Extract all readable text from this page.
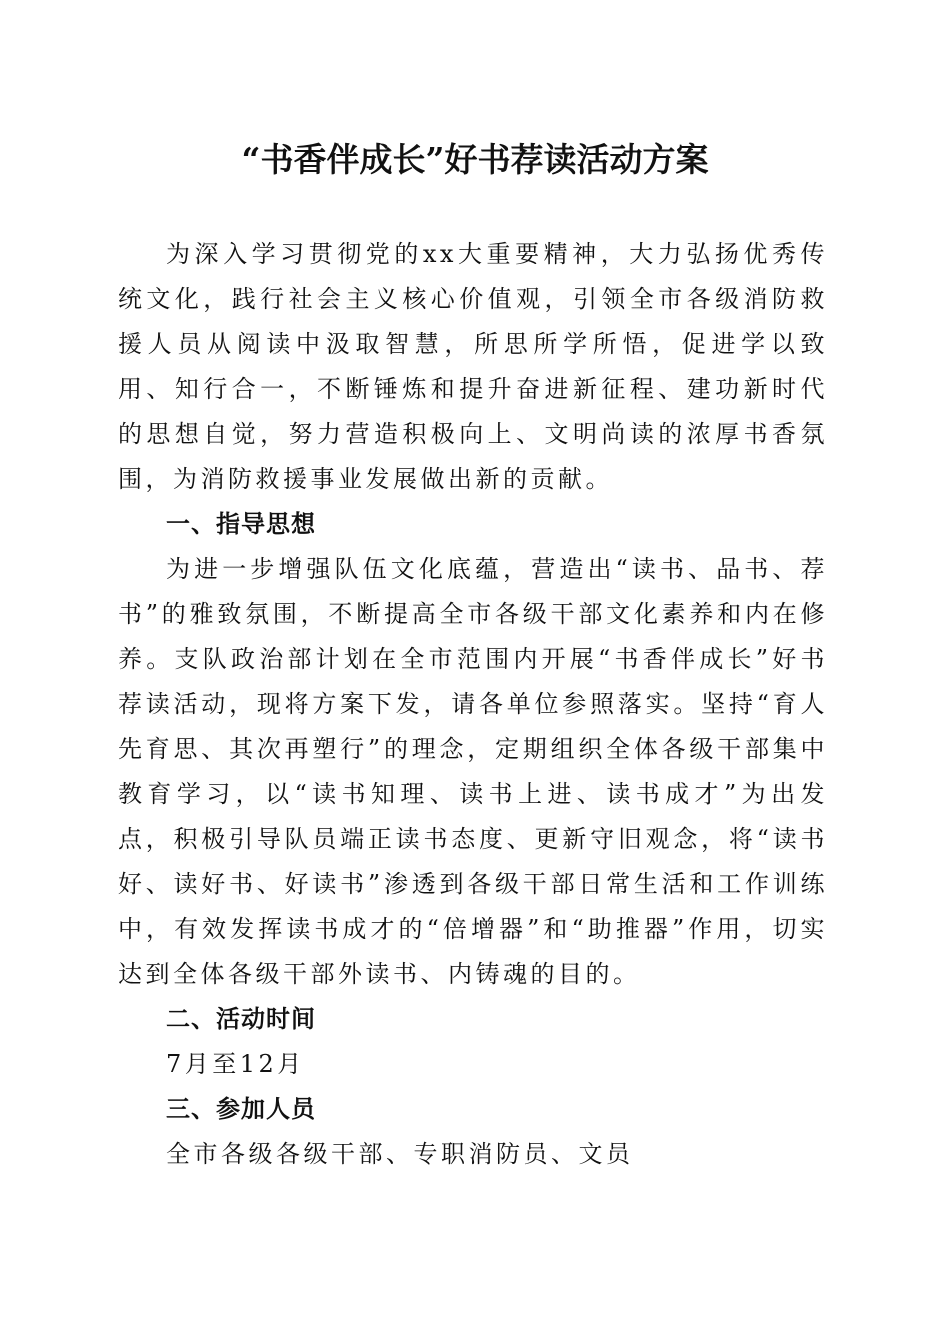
“书香伴成长”好书荐读活动方案

为深入学习贯彻党的xx大重要精神，大力弘扬优秀传统文化，践行社会主义核心价值观，引领全市各级消防救援人员从阅读中汲取智慧，所思所学所悟，促进学以致用、知行合一，不断锤炼和提升奋进新征程、建功新时代的思想自觉，努力营造积极向上、文明尚读的浓厚书香氛围，为消防救援事业发展做出新的贡献。

一、指导思想

为进一步增强队伍文化底蕴，营造出“读书、品书、荐书”的雅致氛围，不断提高全市各级干部文化素养和内在修养。支队政治部计划在全市范围内开展“书香伴成长”好书荐读活动，现将方案下发，请各单位参照落实。坚持“育人先育思、其次再塑行”的理念，定期组织全体各级干部集中教育学习，以“读书知理、读书上进、读书成才”为出发点，积极引导队员端正读书态度、更新守旧观念，将“读书好、读好书、好读书”渗透到各级干部日常生活和工作训练中，有效发挥读书成才的“倍增器”和“助推器”作用，切实达到全体各级干部外读书、内铸魂的目的。

二、活动时间

7月至12月

三、参加人员

全市各级各级干部、专职消防员、文员
